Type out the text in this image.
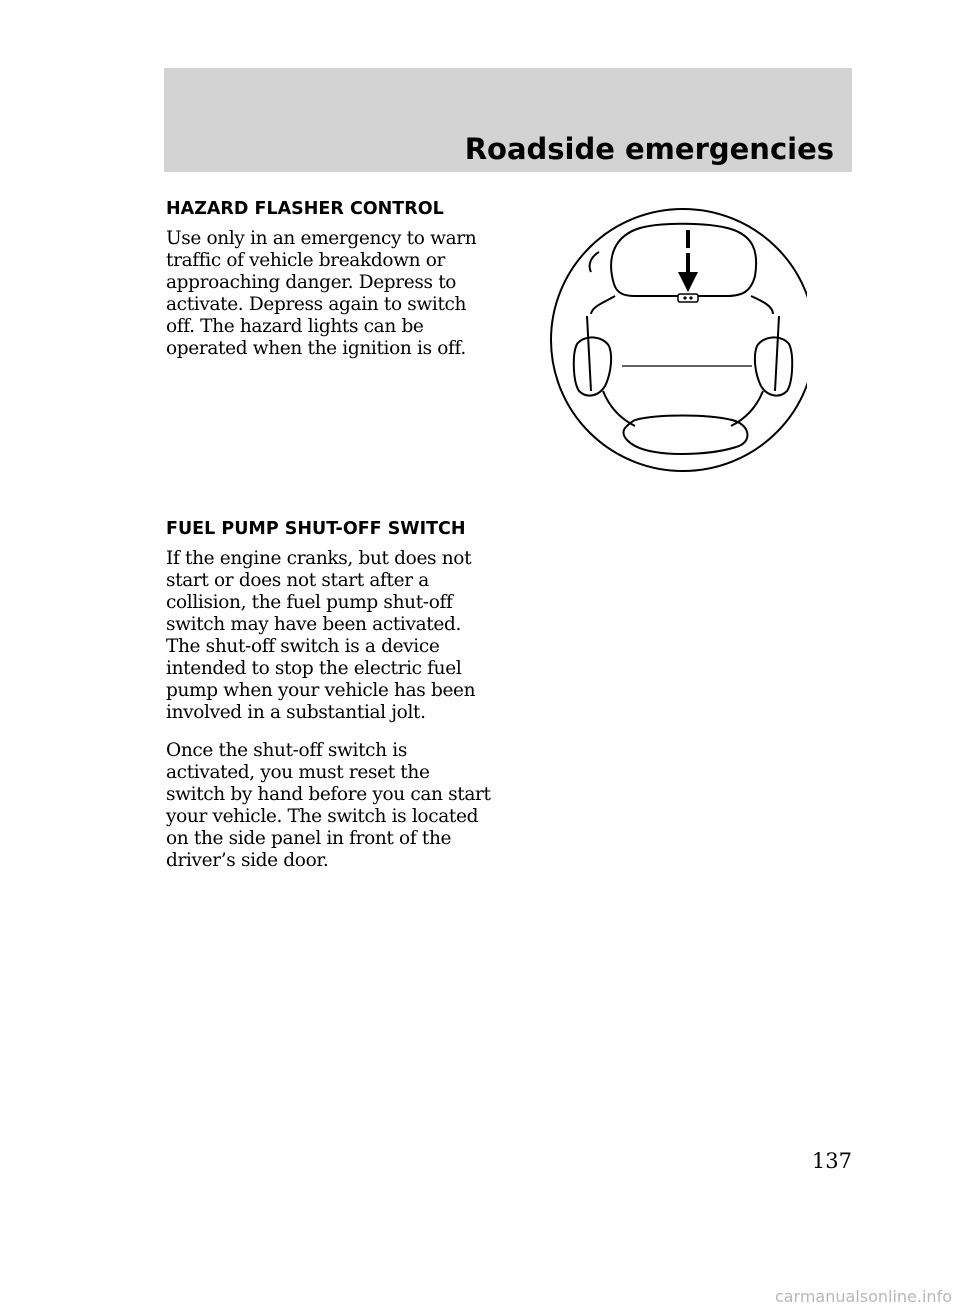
Roadside emergencies
HAZARD FLASHER CONTROL
Use only in an emergency to warn
traffic of vehicle breakdown or
approaching danger. Depress to
activate. Depress again to switch
off. The hazard lights can be
operated when the ignition is off.
FUEL PUMP SHUT-OFF SWITCH
If the engine cranks, but does not
start or does not start after a
collision, the fuel pump shut-off
switch may have been activated.
The shut-off switch is a device
intended to stop the electric fuel
pump when your vehicle has been
involved in a substantial jolt.
Once the shut-off switch is
activated, you must reset the
switch by hand before you can start
your vehicle. The switch is located
on the side panel in front of the
driver’s side door.
137
carmanualsonline.info
